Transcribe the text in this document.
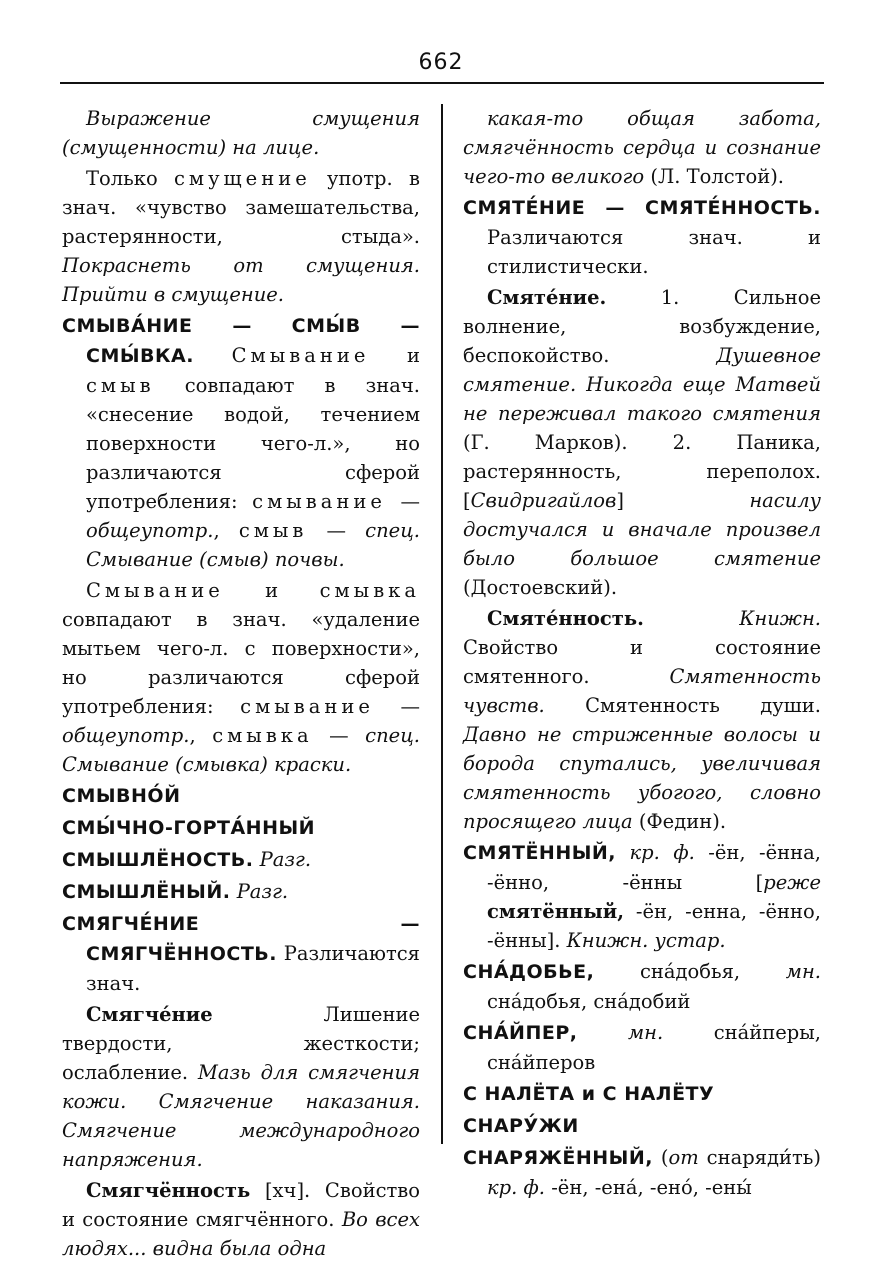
662

Выражение смущения (смущенности) на лице.

Только смущение употр. в знач. «чувство замешательства, растерянности, стыда». Покраснеть от смущения. Прийти в смущение.

СМЫВА́НИЕ — СМЫ́В — СМЫ́ВКА. Смывание и смыв совпадают в знач. «снесение водой, течением поверхности чего-л.», но различаются сферой употребления: смывание — общеупотр., смыв — спец. Смывание (смыв) почвы.

Смывание и смывка совпадают в знач. «удаление мытьем чего-л. с поверхности», но различаются сферой употребления: смывание — общеупотр., смывка — спец. Смывание (смывка) краски.

СМЫВНО́Й

СМЫ́ЧНО-ГОРТА́ННЫЙ

СМЫШЛЁНОСТЬ. Разг.

СМЫШЛЁНЫЙ. Разг.

СМЯГЧЕ́НИЕ — СМЯГЧЁННОСТЬ. Различаются знач.

Смягче́ние Лишение твердости, жесткости; ослабление. Мазь для смягчения кожи. Смягчение наказания. Смягчение международного напряжения.

Смягчённость [хч]. Свойство и состояние смягчённого. Во всех людях... видна была одна

какая-то общая забота, смягчённость сердца и сознание чего-то великого (Л. Толстой).

СМЯТЕ́НИЕ — СМЯТЕ́НHОСТЬ. Различаются знач. и стилистически.

Смяте́ние. 1. Сильное волнение, возбуждение, беспокойство. Душевное смятение. Никогда еще Матвей не переживал такого смятения (Г. Марков). 2. Паника, растерянность, переполох. [Свидригайлов] насилу достучался и вначале произвел было большое смятение (Достоевский).

Смяте́нность.	Книжн. Свойство и состояние смятенного. Смятенность чувств. Смятенность души. Давно не стриженные волосы и борода спутались, увеличивая смятенность убогого, словно просящего лица (Федин).

СМЯТЁННЫЙ, кр. ф. -ён, -ённа, -ённо, -ённы [реже смятённый, -ён, -енна, -ённо, -ённы]. Книжн. устар.

СНА́ДОБЬЕ, сна́добья, мн. сна́добья, сна́добий

СНА́ЙПЕР,	мн. сна́йперы, сна́йперов

С НАЛЁТА и С НАЛЁТУ

СНАРУ́ЖИ

СНАРЯЖЁННЫЙ, (от снаряди́ть) кр. ф. -ён, -ена́, -ено́, -ены́
